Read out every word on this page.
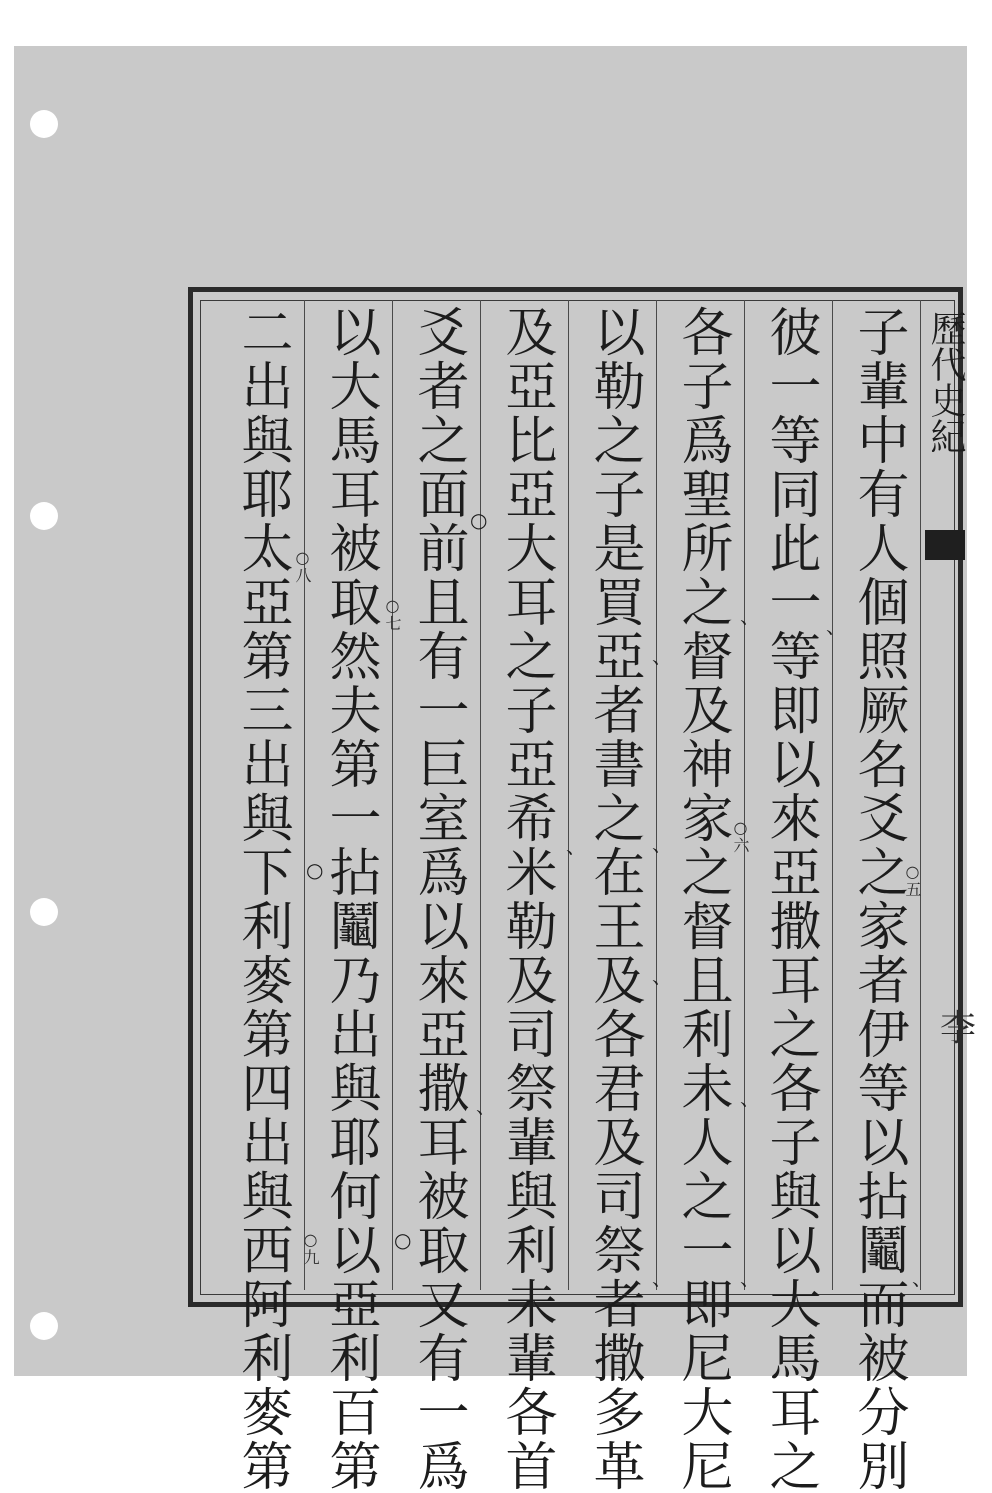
歷代史紀
李
子輩中有人個照厥名爻之家者伊等以拈鬮而被分別
彼一等同此一等即以來亞撒耳之各子與以大馬耳之
各子爲聖所之督及神家之督且利未人之一即尼大尼
以勒之子是買亞者書之在王及各君及司祭者撒多革
及亞比亞大耳之子亞希米勒及司祭輩與利未輩各首
爻者之面前且有一巨室爲以來亞撒耳被取又有一爲
以大馬耳被取然夫第一拈鬮乃出與耶何以亞利百第
二出與耶太亞第三出與下利麥第四出與西阿利麥第	○五
○六
○七
○八
○九
、
、
、
、
、
、
、
、
、
、
、
○
○
○
